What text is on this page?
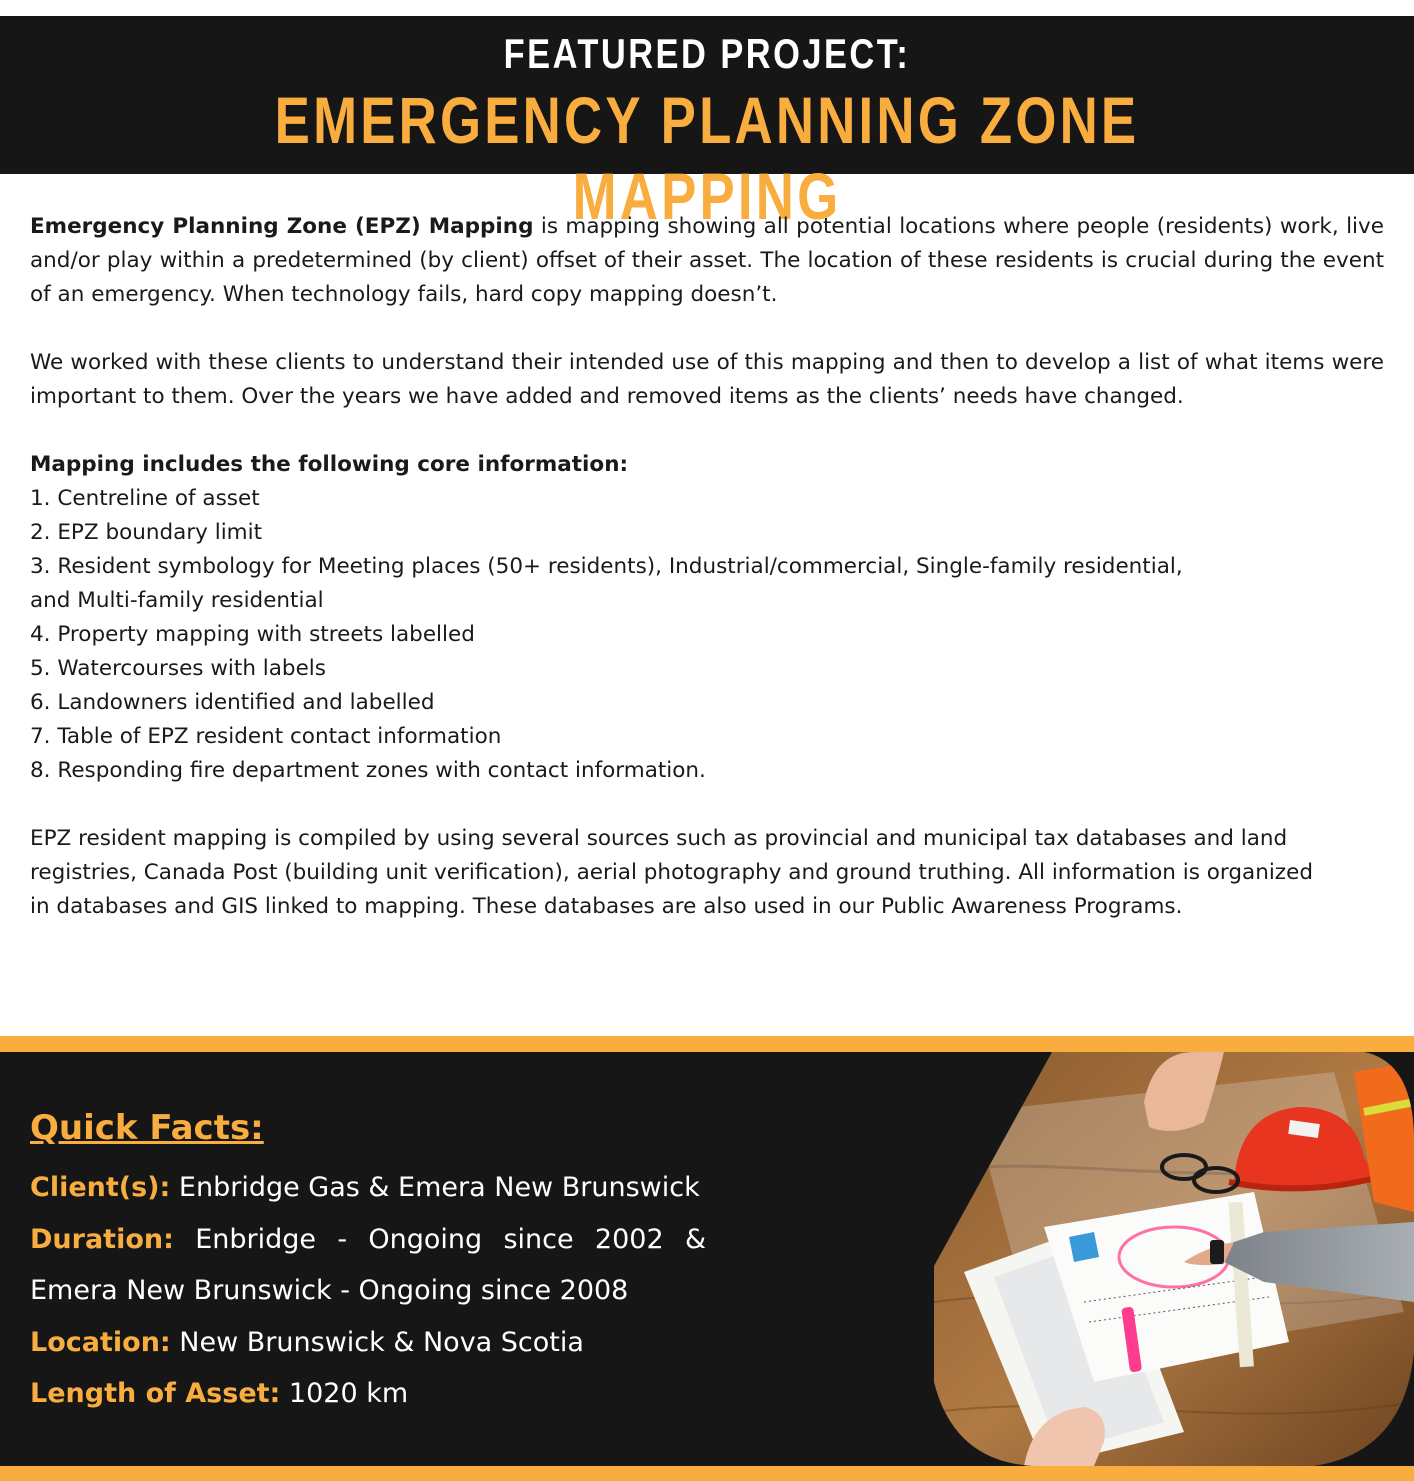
FEATURED PROJECT:
EMERGENCY PLANNING ZONE MAPPING

Emergency Planning Zone (EPZ) Mapping is mapping showing all potential locations where people (residents) work, live and/or play within a predetermined (by client) offset of their asset. The location of these residents is crucial during the event of an emergency. When technology fails, hard copy mapping doesn’t.

We worked with these clients to understand their intended use of this mapping and then to develop a list of what items were important to them. Over the years we have added and removed items as the clients’ needs have changed.

Mapping includes the following core information:
1. Centreline of asset
2. EPZ boundary limit
3. Resident symbology for Meeting places (50+ residents), Industrial/commercial, Single-family residential,
and Multi-family residential
4. Property mapping with streets labelled
5. Watercourses with labels
6. Landowners identified and labelled
7. Table of EPZ resident contact information
8. Responding fire department zones with contact information.
EPZ resident mapping is compiled by using several sources such as provincial and municipal tax databases and land
registries, Canada Post (building unit verification), aerial photography and ground truthing. All information is organized
in databases and GIS linked to mapping. These databases are also used in our Public Awareness Programs.
Quick Facts:
Client(s): Enbridge Gas & Emera New Brunswick
Duration: Enbridge - Ongoing since 2002 &
Emera New Brunswick - Ongoing since 2008
Location: New Brunswick & Nova Scotia
Length of Asset: 1020 km
